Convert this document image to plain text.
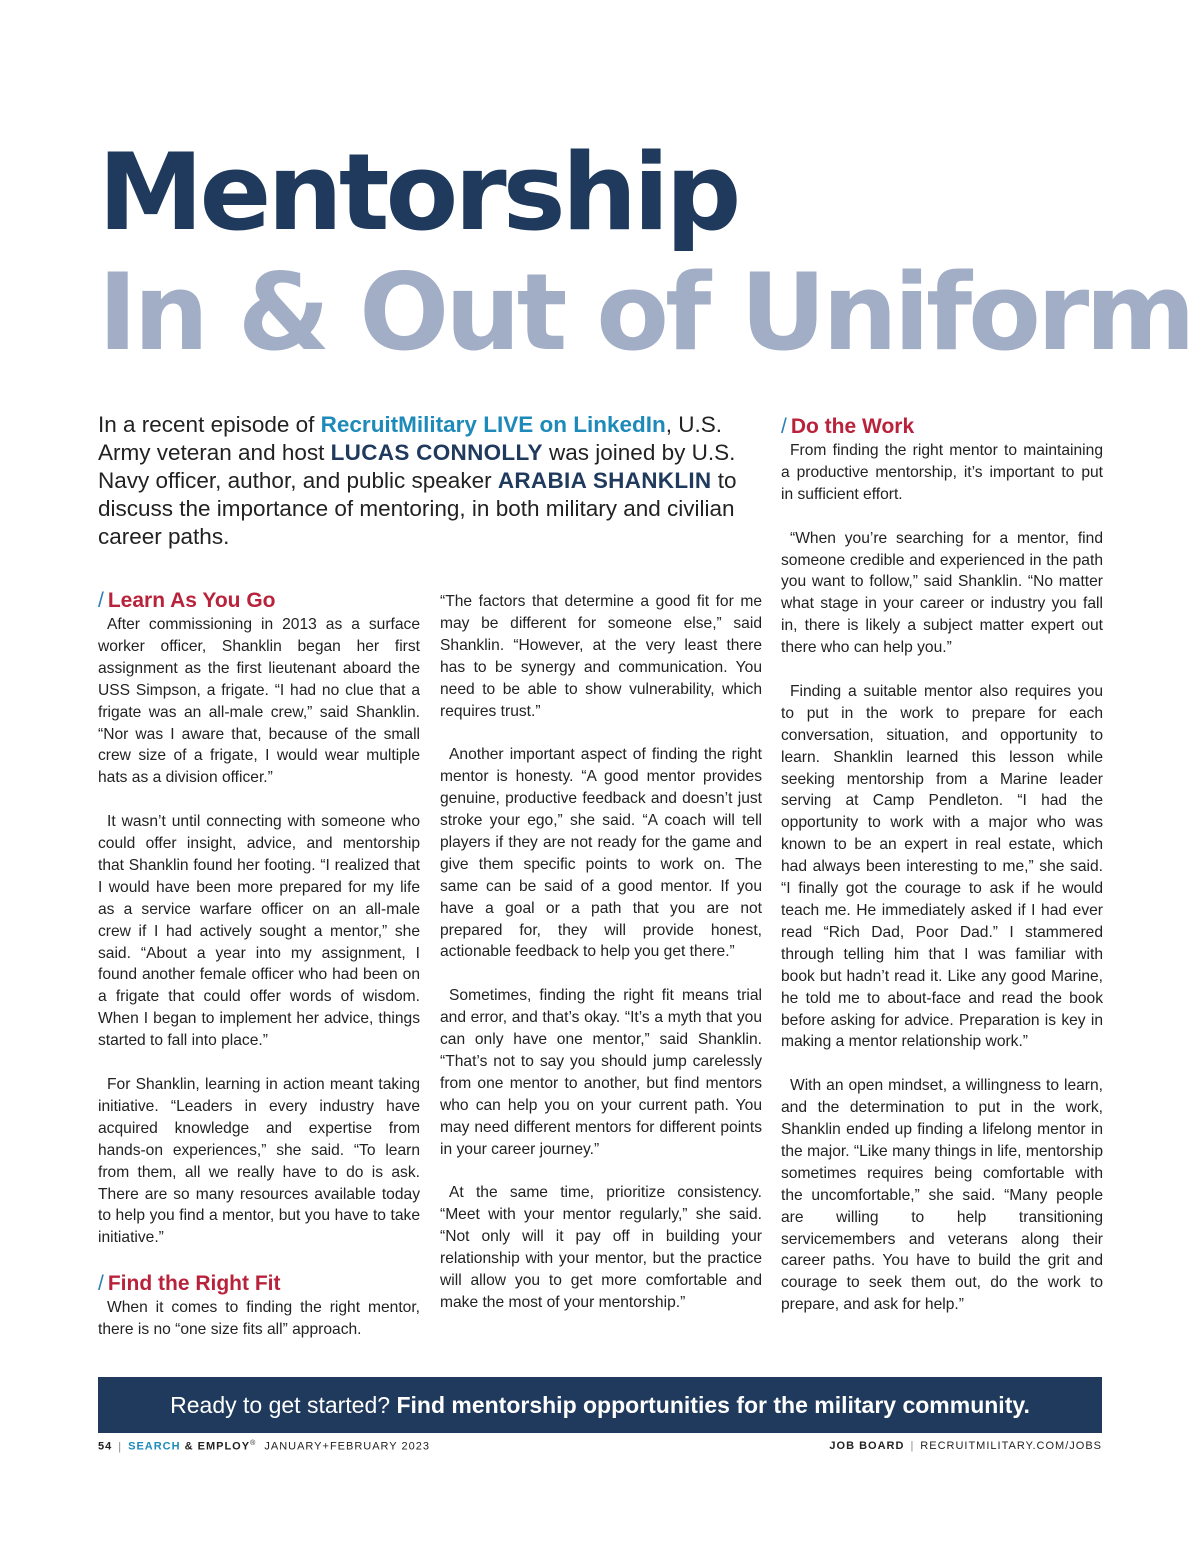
Mentorship
In & Out of Uniform

In a recent episode of RecruitMilitary LIVE on LinkedIn, U.S. Army veteran and host LUCAS CONNOLLY was joined by U.S. Navy officer, author, and public speaker ARABIA SHANKLIN to discuss the importance of mentoring, in both military and civilian career paths.

/ Learn As You Go

After commissioning in 2013 as a surface worker officer, Shanklin began her first assignment as the first lieutenant aboard the USS Simpson, a frigate. “I had no clue that a frigate was an all-male crew,” said Shanklin. “Nor was I aware that, because of the small crew size of a frigate, I would wear multiple hats as a division officer.”

It wasn’t until connecting with someone who could offer insight, advice, and mentorship that Shanklin found her footing. “I realized that I would have been more prepared for my life as a service warfare officer on an all-male crew if I had actively sought a mentor,” she said. “About a year into my assignment, I found another female officer who had been on a frigate that could offer words of wisdom. When I began to implement her advice, things started to fall into place.”

For Shanklin, learning in action meant taking initiative. “Leaders in every industry have acquired knowledge and expertise from hands-on experiences,” she said. “To learn from them, all we really have to do is ask. There are so many resources available today to help you find a mentor, but you have to take initiative.”

/ Find the Right Fit

When it comes to finding the right mentor, there is no “one size fits all” approach.

“The factors that determine a good fit for me may be different for someone else,” said Shanklin. “However, at the very least there has to be synergy and communication. You need to be able to show vulnerability, which requires trust.”

Another important aspect of finding the right mentor is honesty. “A good mentor provides genuine, productive feedback and doesn’t just stroke your ego,” she said. “A coach will tell players if they are not ready for the game and give them specific points to work on. The same can be said of a good mentor. If you have a goal or a path that you are not prepared for, they will provide honest, actionable feedback to help you get there.”

Sometimes, finding the right fit means trial and error, and that’s okay. “It’s a myth that you can only have one mentor,” said Shanklin. “That’s not to say you should jump carelessly from one mentor to another, but find mentors who can help you on your current path. You may need different mentors for different points in your career journey.”

At the same time, prioritize consistency. “Meet with your mentor regularly,” she said. “Not only will it pay off in building your relationship with your mentor, but the practice will allow you to get more comfortable and make the most of your mentorship.”

/ Do the Work

From finding the right mentor to maintaining a productive mentorship, it’s important to put in sufficient effort.

“When you’re searching for a mentor, find someone credible and experienced in the path you want to follow,” said Shanklin. “No matter what stage in your career or industry you fall in, there is likely a subject matter expert out there who can help you.”

Finding a suitable mentor also requires you to put in the work to prepare for each conversation, situation, and opportunity to learn. Shanklin learned this lesson while seeking mentorship from a Marine leader serving at Camp Pendleton. “I had the opportunity to work with a major who was known to be an expert in real estate, which had always been interesting to me,” she said. “I finally got the courage to ask if he would teach me. He immediately asked if I had ever read “Rich Dad, Poor Dad.” I stammered through telling him that I was familiar with book but hadn’t read it. Like any good Marine, he told me to about-face and read the book before asking for advice. Preparation is key in making a mentor relationship work.”

With an open mindset, a willingness to learn, and the determination to put in the work, Shanklin ended up finding a lifelong mentor in the major. “Like many things in life, mentorship sometimes requires being comfortable with the uncomfortable,” she said. “Many people are willing to help transitioning servicemembers and veterans along their career paths. You have to build the grit and courage to seek them out, do the work to prepare, and ask for help.”

Ready to get started? Find mentorship opportunities for the military community.
54 | SEARCH & EMPLOY® JANUARY+FEBRUARY 2023	JOB BOARD | RECRUITMILITARY.COM/JOBS
